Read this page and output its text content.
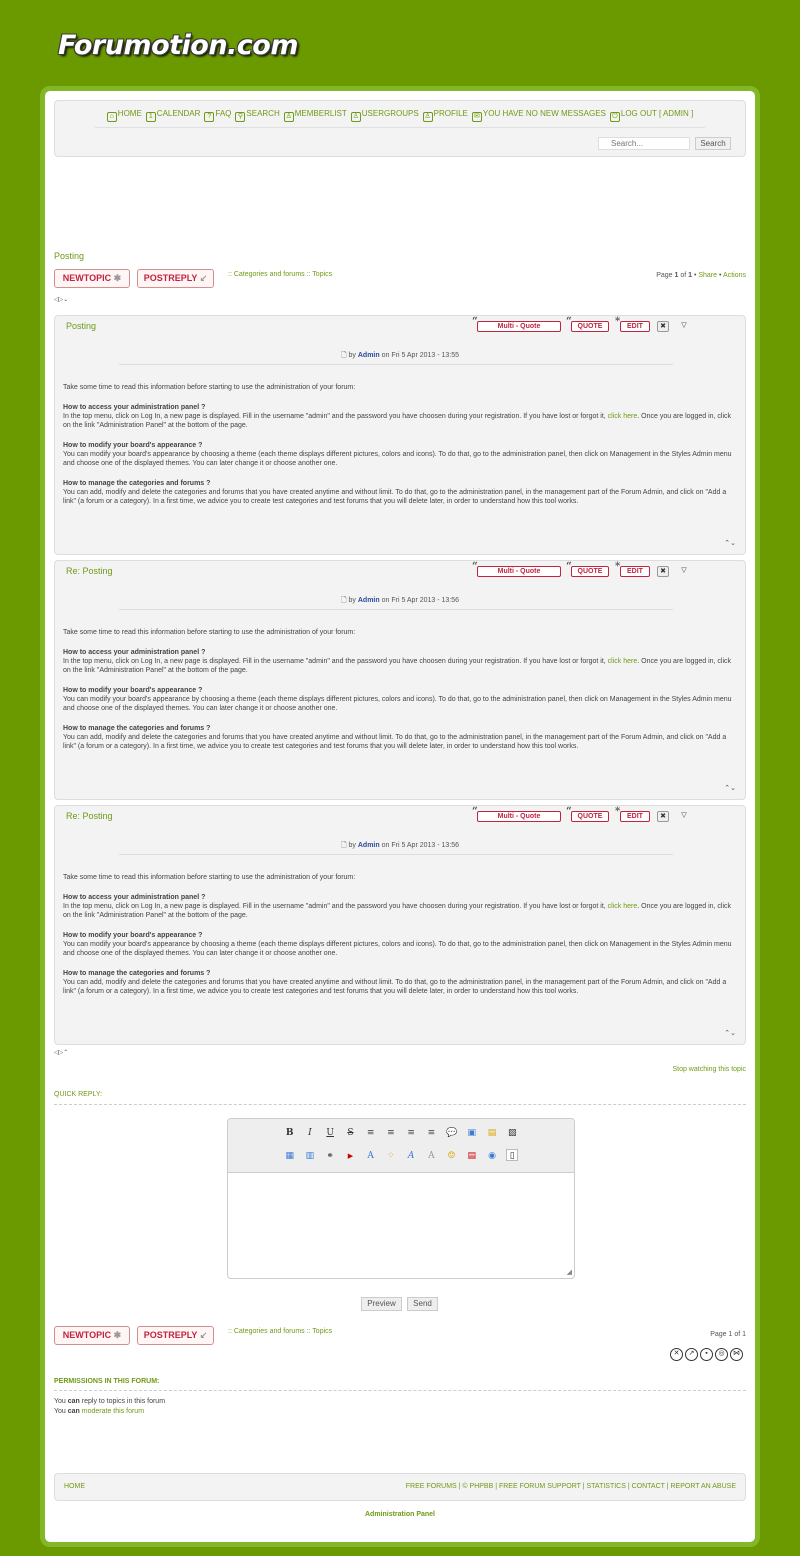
Forumotion.com
⌂ HOME 1 CALENDAR ? FAQ ⚲ SEARCH ♙ MEMBERLIST ♙ USERGROUPS ♙ PROFILE ✉ YOU HAVE NO NEW MESSAGES ⏻ LOG OUT [ ADMIN ]
Search...
Search
Posting
NEWTOPIC ✱	POSTREPLY ↙	:: Categories and forums :: Topics	Page 1 of 1 • Share • Actions
◁▷⌄
Posting	“	Multi - Quote	“ QUOTE	* EDIT	✖	▽
🗋 by Admin on Fri 5 Apr 2013 - 13:55

Take some time to read this information before starting to use the administration of your forum:

How to access your administration panel ?
In the top menu, click on Log In, a new page is displayed. Fill in the username "admin" and the password you have choosen during your registration. If you have lost or forgot it, click here. Once you are logged in, click on the link "Administration Panel" at the bottom of the page.

How to modify your board's appearance ?
You can modify your board's appearance by choosing a theme (each theme displays different pictures, colors and icons). To do that, go to the administration panel, then click on Management in the Styles Admin menu and choose one of the displayed themes. You can later change it or choose another one.

How to manage the categories and forums ?
You can add, modify and delete the categories and forums that you have created anytime and without limit. To do that, go to the administration panel, in the management part of the Forum Admin, and click on "Add a link" (a forum or a category). In a first time, we advice you to create test categories and test forums that you will delete later, in order to understand how this tool works.

⌃⌄
Re: Posting	“	Multi - Quote	“ QUOTE	* EDIT	✖	▽
🗋 by Admin on Fri 5 Apr 2013 - 13:56

Take some time to read this information before starting to use the administration of your forum:

How to access your administration panel ?
In the top menu, click on Log In, a new page is displayed. Fill in the username "admin" and the password you have choosen during your registration. If you have lost or forgot it, click here. Once you are logged in, click on the link "Administration Panel" at the bottom of the page.

How to modify your board's appearance ?
You can modify your board's appearance by choosing a theme (each theme displays different pictures, colors and icons). To do that, go to the administration panel, then click on Management in the Styles Admin menu and choose one of the displayed themes. You can later change it or choose another one.

How to manage the categories and forums ?
You can add, modify and delete the categories and forums that you have created anytime and without limit. To do that, go to the administration panel, in the management part of the Forum Admin, and click on "Add a link" (a forum or a category). In a first time, we advice you to create test categories and test forums that you will delete later, in order to understand how this tool works.

⌃⌄
Re: Posting	“	Multi - Quote	“ QUOTE	* EDIT	✖	▽
🗋 by Admin on Fri 5 Apr 2013 - 13:56

Take some time to read this information before starting to use the administration of your forum:

How to access your administration panel ?
In the top menu, click on Log In, a new page is displayed. Fill in the username "admin" and the password you have choosen during your registration. If you have lost or forgot it, click here. Once you are logged in, click on the link "Administration Panel" at the bottom of the page.

How to modify your board's appearance ?
You can modify your board's appearance by choosing a theme (each theme displays different pictures, colors and icons). To do that, go to the administration panel, then click on Management in the Styles Admin menu and choose one of the displayed themes. You can later change it or choose another one.

How to manage the categories and forums ?
You can add, modify and delete the categories and forums that you have created anytime and without limit. To do that, go to the administration panel, in the management part of the Forum Admin, and click on "Add a link" (a forum or a category). In a first time, we advice you to create test categories and test forums that you will delete later, in order to understand how this tool works.

⌃⌄
◁▷⌃
Stop watching this topic
QUICK REPLY:
B I U S ≡ ≡ ≡ ≡ 💬 ▣ ▤ ▨
▦ ▥ ⚭ ▶ A ⁘ A A ☺ ▤ ◉ ▯
◢
Preview	Send
NEWTOPIC ✱	POSTREPLY ↙	:: Categories and forums :: Topics	Page 1 of 1
✕ ↗ ▪ ◎ ⋈
PERMISSIONS IN THIS FORUM:
You can reply to topics in this forum
You can moderate this forum
HOME	FREE FORUMS | © PHPBB | FREE FORUM SUPPORT | STATISTICS | CONTACT | REPORT AN ABUSE
Administration Panel
